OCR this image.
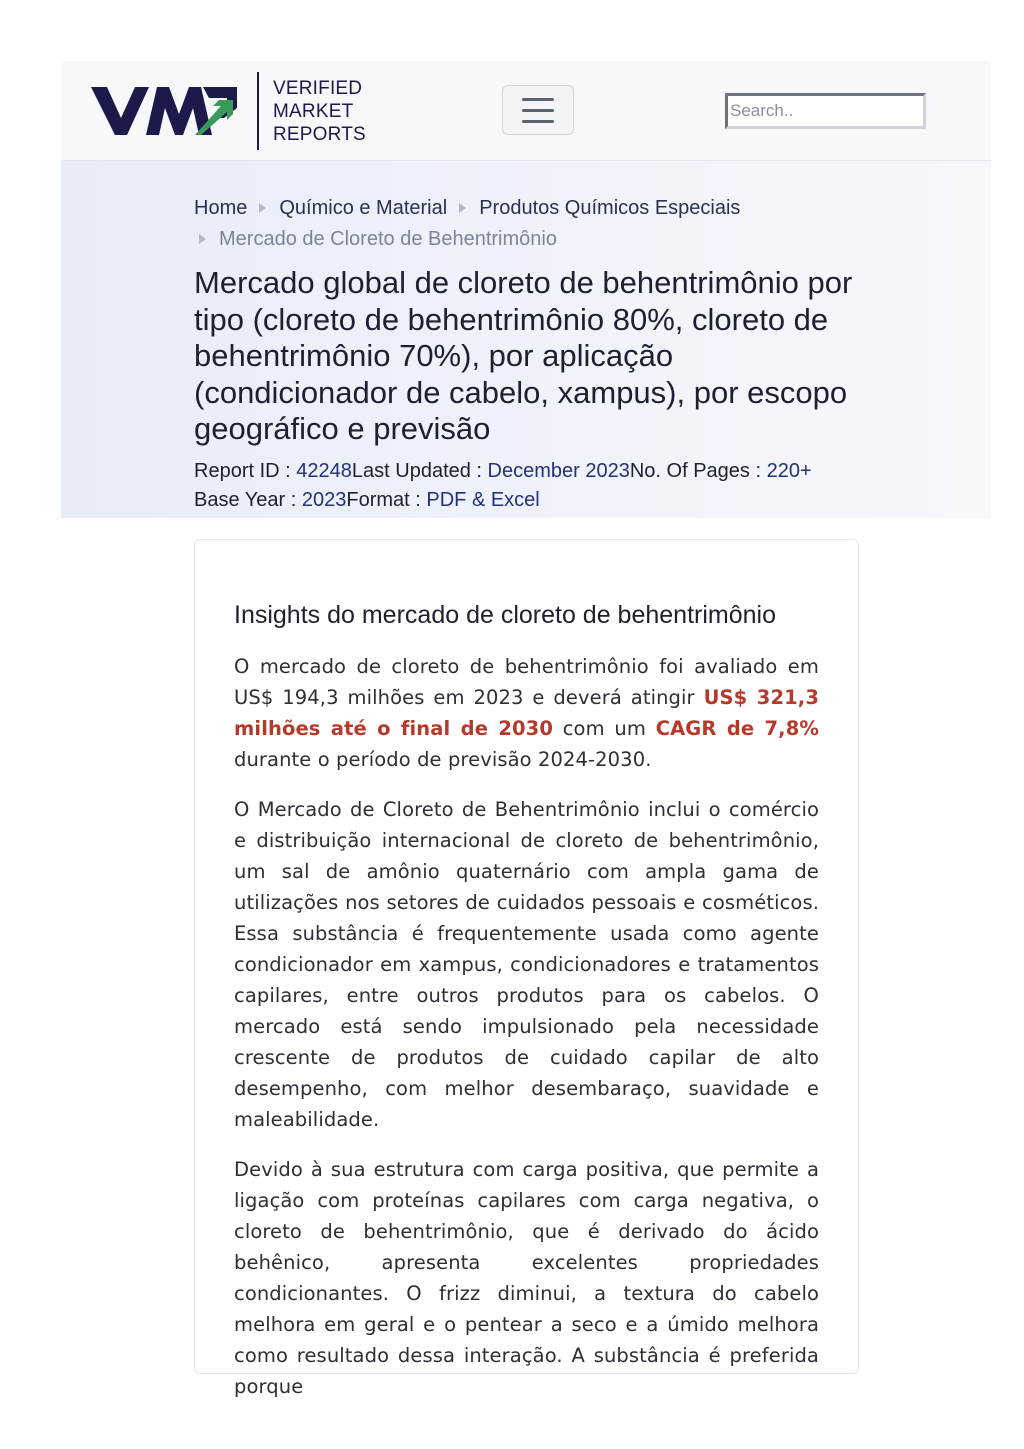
VERIFIED
MARKET
REPORTS
Search..
Home Químico e Material Produtos Químicos Especiais
Mercado de Cloreto de Behentrimônio
Mercado global de cloreto de behentrimônio por tipo (cloreto de behentrimônio 80%, cloreto de behentrimônio 70%), por aplicação (condicionador de cabelo, xampus), por escopo geográfico e previsão
Report ID : 42248Last Updated : December 2023No. Of Pages : 220+
Base Year : 2023Format : PDF & Excel
Insights do mercado de cloreto de behentrimônio

O mercado de cloreto de behentrimônio foi avaliado em US$ 194,3 milhões em 2023 e deverá atingir US$ 321,3 milhões até o final de 2030 com um CAGR de 7,8% durante o período de previsão 2024-2030.

O Mercado de Cloreto de Behentrimônio inclui o comércio e distribuição internacional de cloreto de behentrimônio, um sal de amônio quaternário com ampla gama de utilizações nos setores de cuidados pessoais e cosméticos. Essa substância é frequentemente usada como agente condicionador em xampus, condicionadores e tratamentos capilares, entre outros produtos para os cabelos. O mercado está sendo impulsionado pela necessidade crescente de produtos de cuidado capilar de alto desempenho, com melhor desembaraço, suavidade e maleabilidade.

Devido à sua estrutura com carga positiva, que permite a ligação com proteínas capilares com carga negativa, o cloreto de behentrimônio, que é derivado do ácido behênico, apresenta excelentes propriedades condicionantes. O frizz diminui, a textura do cabelo melhora em geral e o pentear a seco e a úmido melhora como resultado dessa interação. A substância é preferida porque
